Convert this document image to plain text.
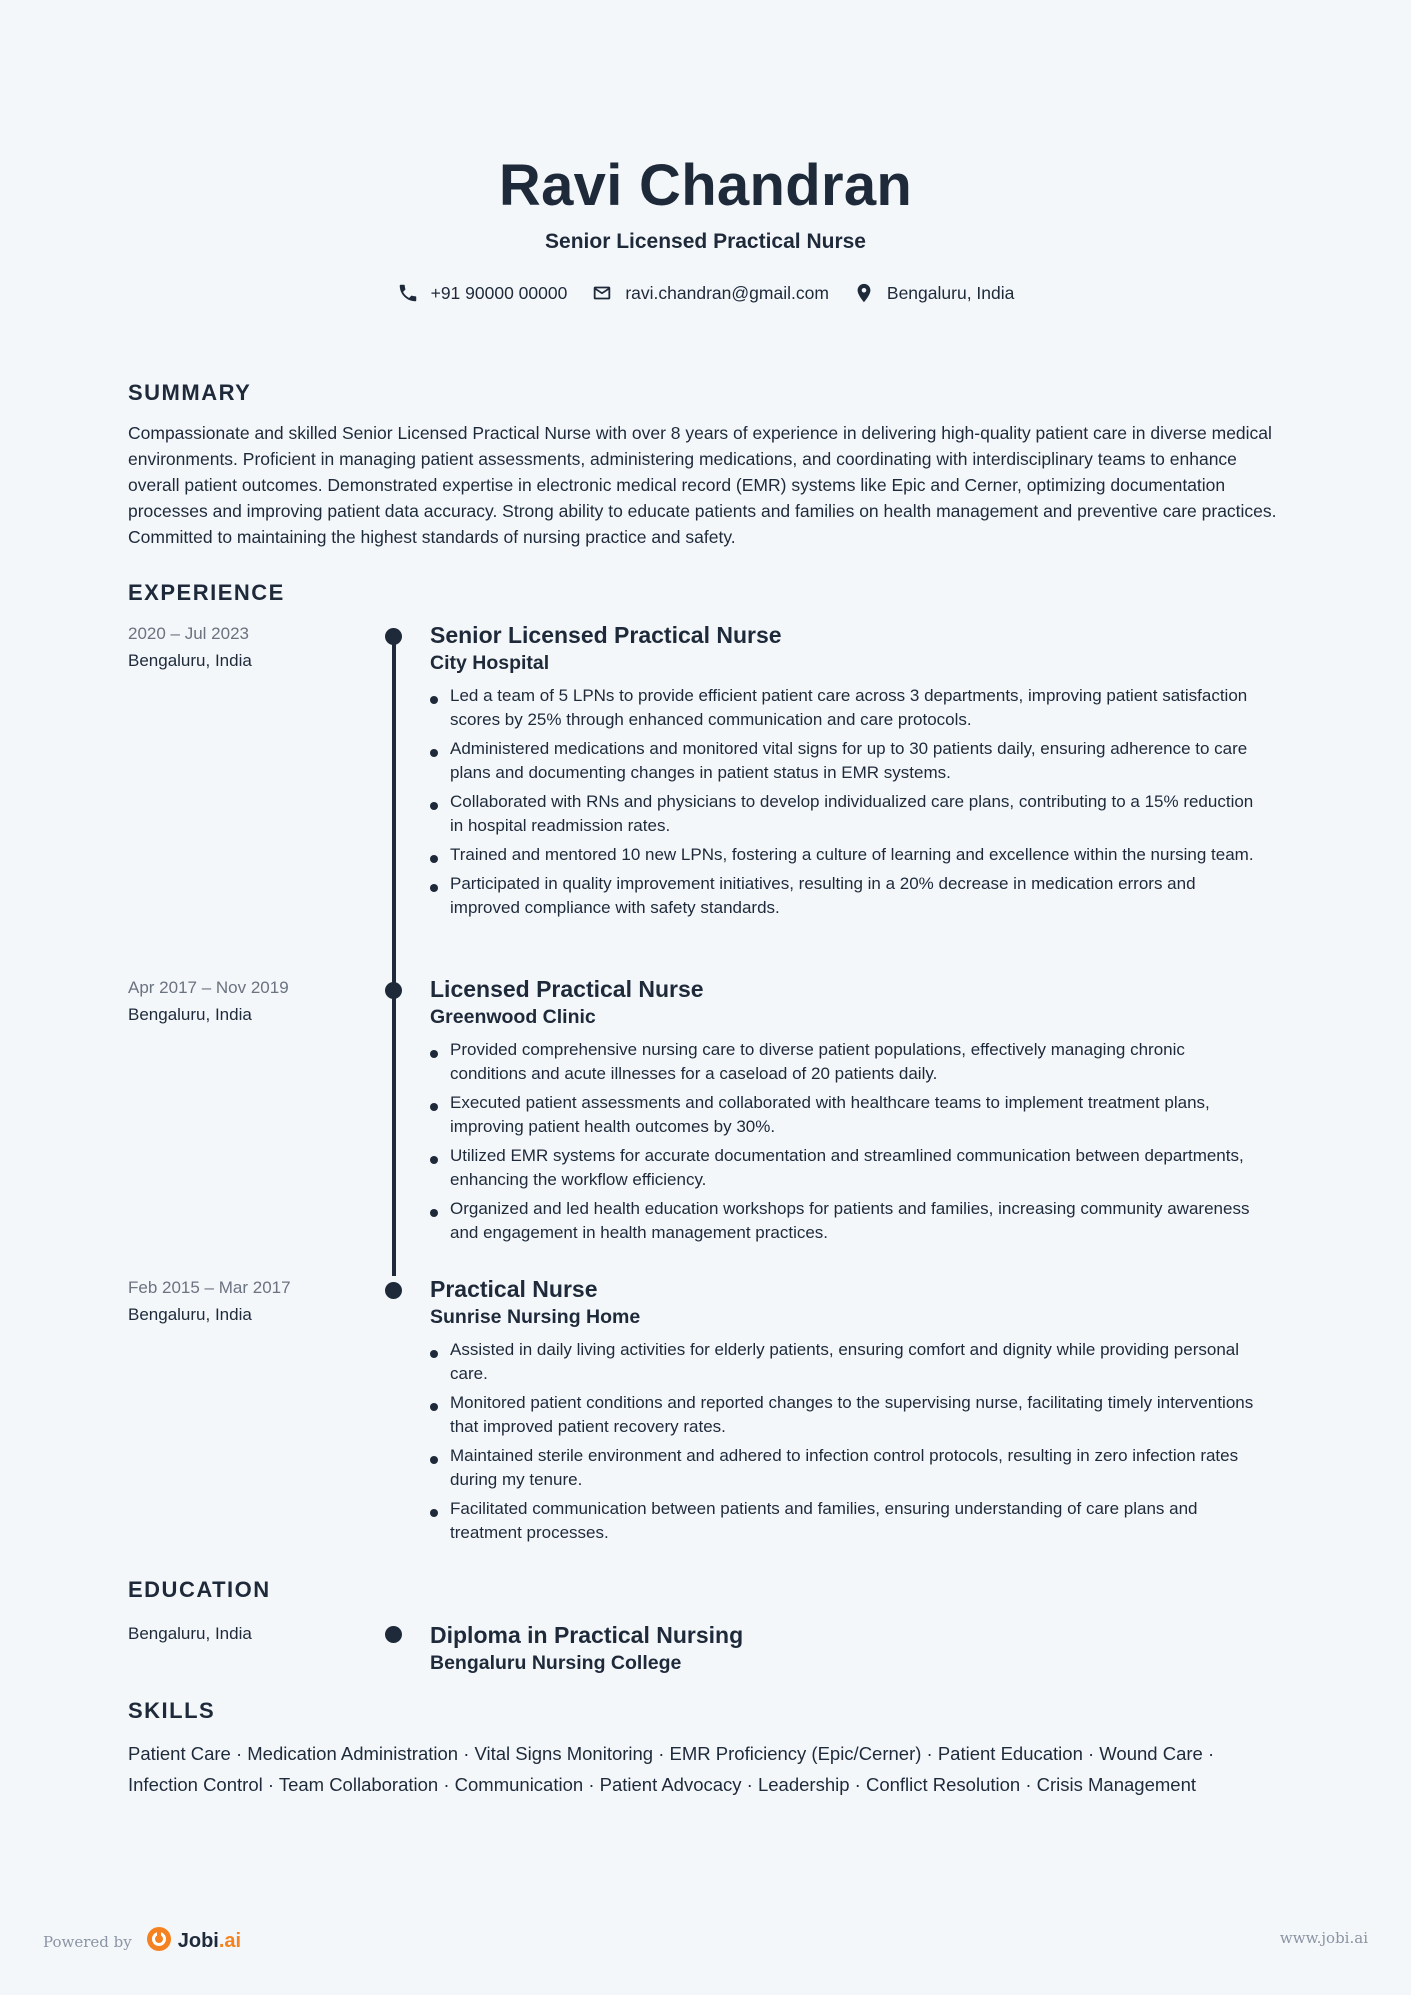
Ravi Chandran
Senior Licensed Practical Nurse
+91 90000 00000	ravi.chandran@gmail.com	Bengaluru, India
SUMMARY

Compassionate and skilled Senior Licensed Practical Nurse with over 8 years of experience in delivering high-quality patient care in diverse medical environments. Proficient in managing patient assessments, administering medications, and coordinating with interdisciplinary teams to enhance overall patient outcomes. Demonstrated expertise in electronic medical record (EMR) systems like Epic and Cerner, optimizing documentation processes and improving patient data accuracy. Strong ability to educate patients and families on health management and preventive care practices. Committed to maintaining the highest standards of nursing practice and safety.

EXPERIENCE
2020 – Jul 2023
Bengaluru, India
Senior Licensed Practical Nurse
City Hospital
Led a team of 5 LPNs to provide efficient patient care across 3 departments, improving patient satisfaction scores by 25% through enhanced communication and care protocols.
Administered medications and monitored vital signs for up to 30 patients daily, ensuring adherence to care plans and documenting changes in patient status in EMR systems.
Collaborated with RNs and physicians to develop individualized care plans, contributing to a 15% reduction in hospital readmission rates.
Trained and mentored 10 new LPNs, fostering a culture of learning and excellence within the nursing team.
Participated in quality improvement initiatives, resulting in a 20% decrease in medication errors and improved compliance with safety standards.
Apr 2017 – Nov 2019
Bengaluru, India
Licensed Practical Nurse
Greenwood Clinic
Provided comprehensive nursing care to diverse patient populations, effectively managing chronic conditions and acute illnesses for a caseload of 20 patients daily.
Executed patient assessments and collaborated with healthcare teams to implement treatment plans, improving patient health outcomes by 30%.
Utilized EMR systems for accurate documentation and streamlined communication between departments, enhancing the workflow efficiency.
Organized and led health education workshops for patients and families, increasing community awareness and engagement in health management practices.
Feb 2015 – Mar 2017
Bengaluru, India
Practical Nurse
Sunrise Nursing Home
Assisted in daily living activities for elderly patients, ensuring comfort and dignity while providing personal care.
Monitored patient conditions and reported changes to the supervising nurse, facilitating timely interventions that improved patient recovery rates.
Maintained sterile environment and adhered to infection control protocols, resulting in zero infection rates during my tenure.
Facilitated communication between patients and families, ensuring understanding of care plans and treatment processes.
EDUCATION
Bengaluru, India	Diploma in Practical Nursing
Bengaluru Nursing College
SKILLS

Patient Care · Medication Administration · Vital Signs Monitoring · EMR Proficiency (Epic/Cerner) · Patient Education · Wound Care · Infection Control · Team Collaboration · Communication · Patient Advocacy · Leadership · Conflict Resolution · Crisis Management

Powered by Jobi.ai	www.jobi.ai
